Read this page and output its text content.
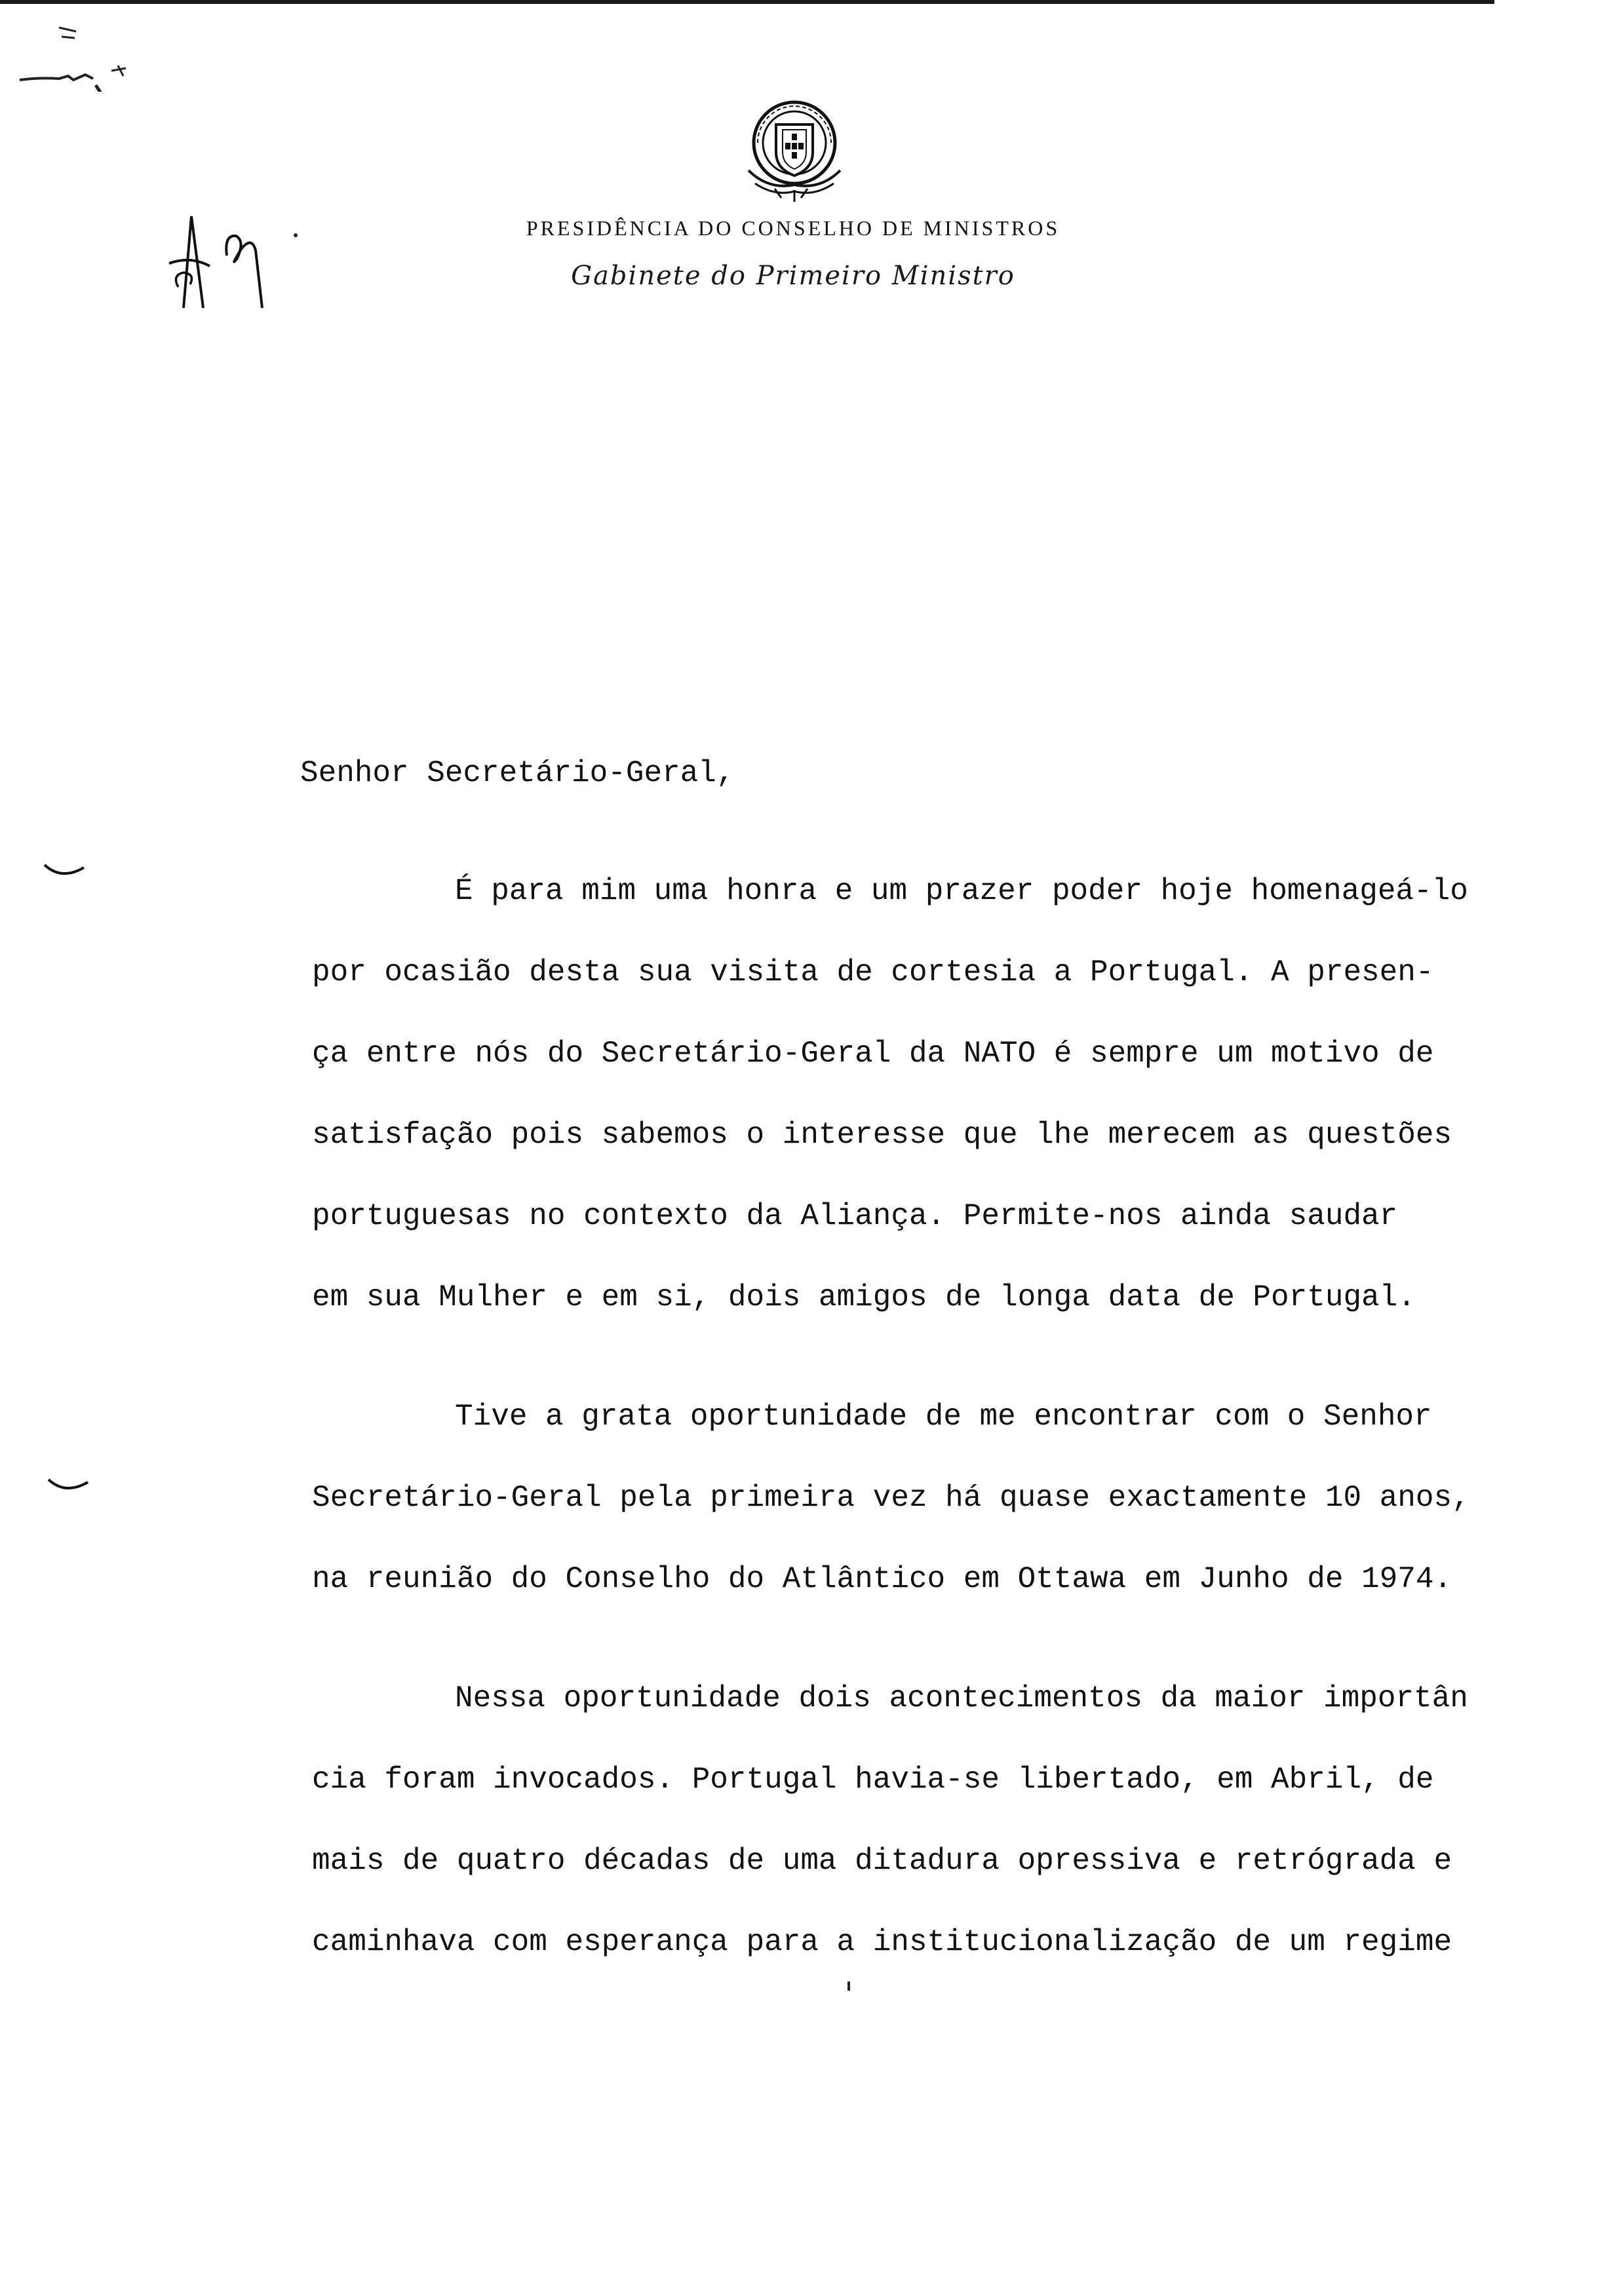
PRESIDÊNCIA DO CONSELHO DE MINISTROS
Gabinete do Primeiro Ministro
Senhor Secretário-Geral,
É para mim uma honra e um prazer poder hoje homenageá-lo
por ocasião desta sua visita de cortesia a Portugal. A presen-
ça entre nós do Secretário-Geral da NATO é sempre um motivo de
satisfação pois sabemos o interesse que lhe merecem as questões
portuguesas no contexto da Aliança. Permite-nos ainda saudar
em sua Mulher e em si, dois amigos de longa data de Portugal.
Tive a grata oportunidade de me encontrar com o Senhor
Secretário-Geral pela primeira vez há quase exactamente 10 anos,
na reunião do Conselho do Atlântico em Ottawa em Junho de 1974.
Nessa oportunidade dois acontecimentos da maior importân
cia foram invocados. Portugal havia-se libertado, em Abril, de
mais de quatro décadas de uma ditadura opressiva e retrógrada e
caminhava com esperança para a institucionalização de um regime
